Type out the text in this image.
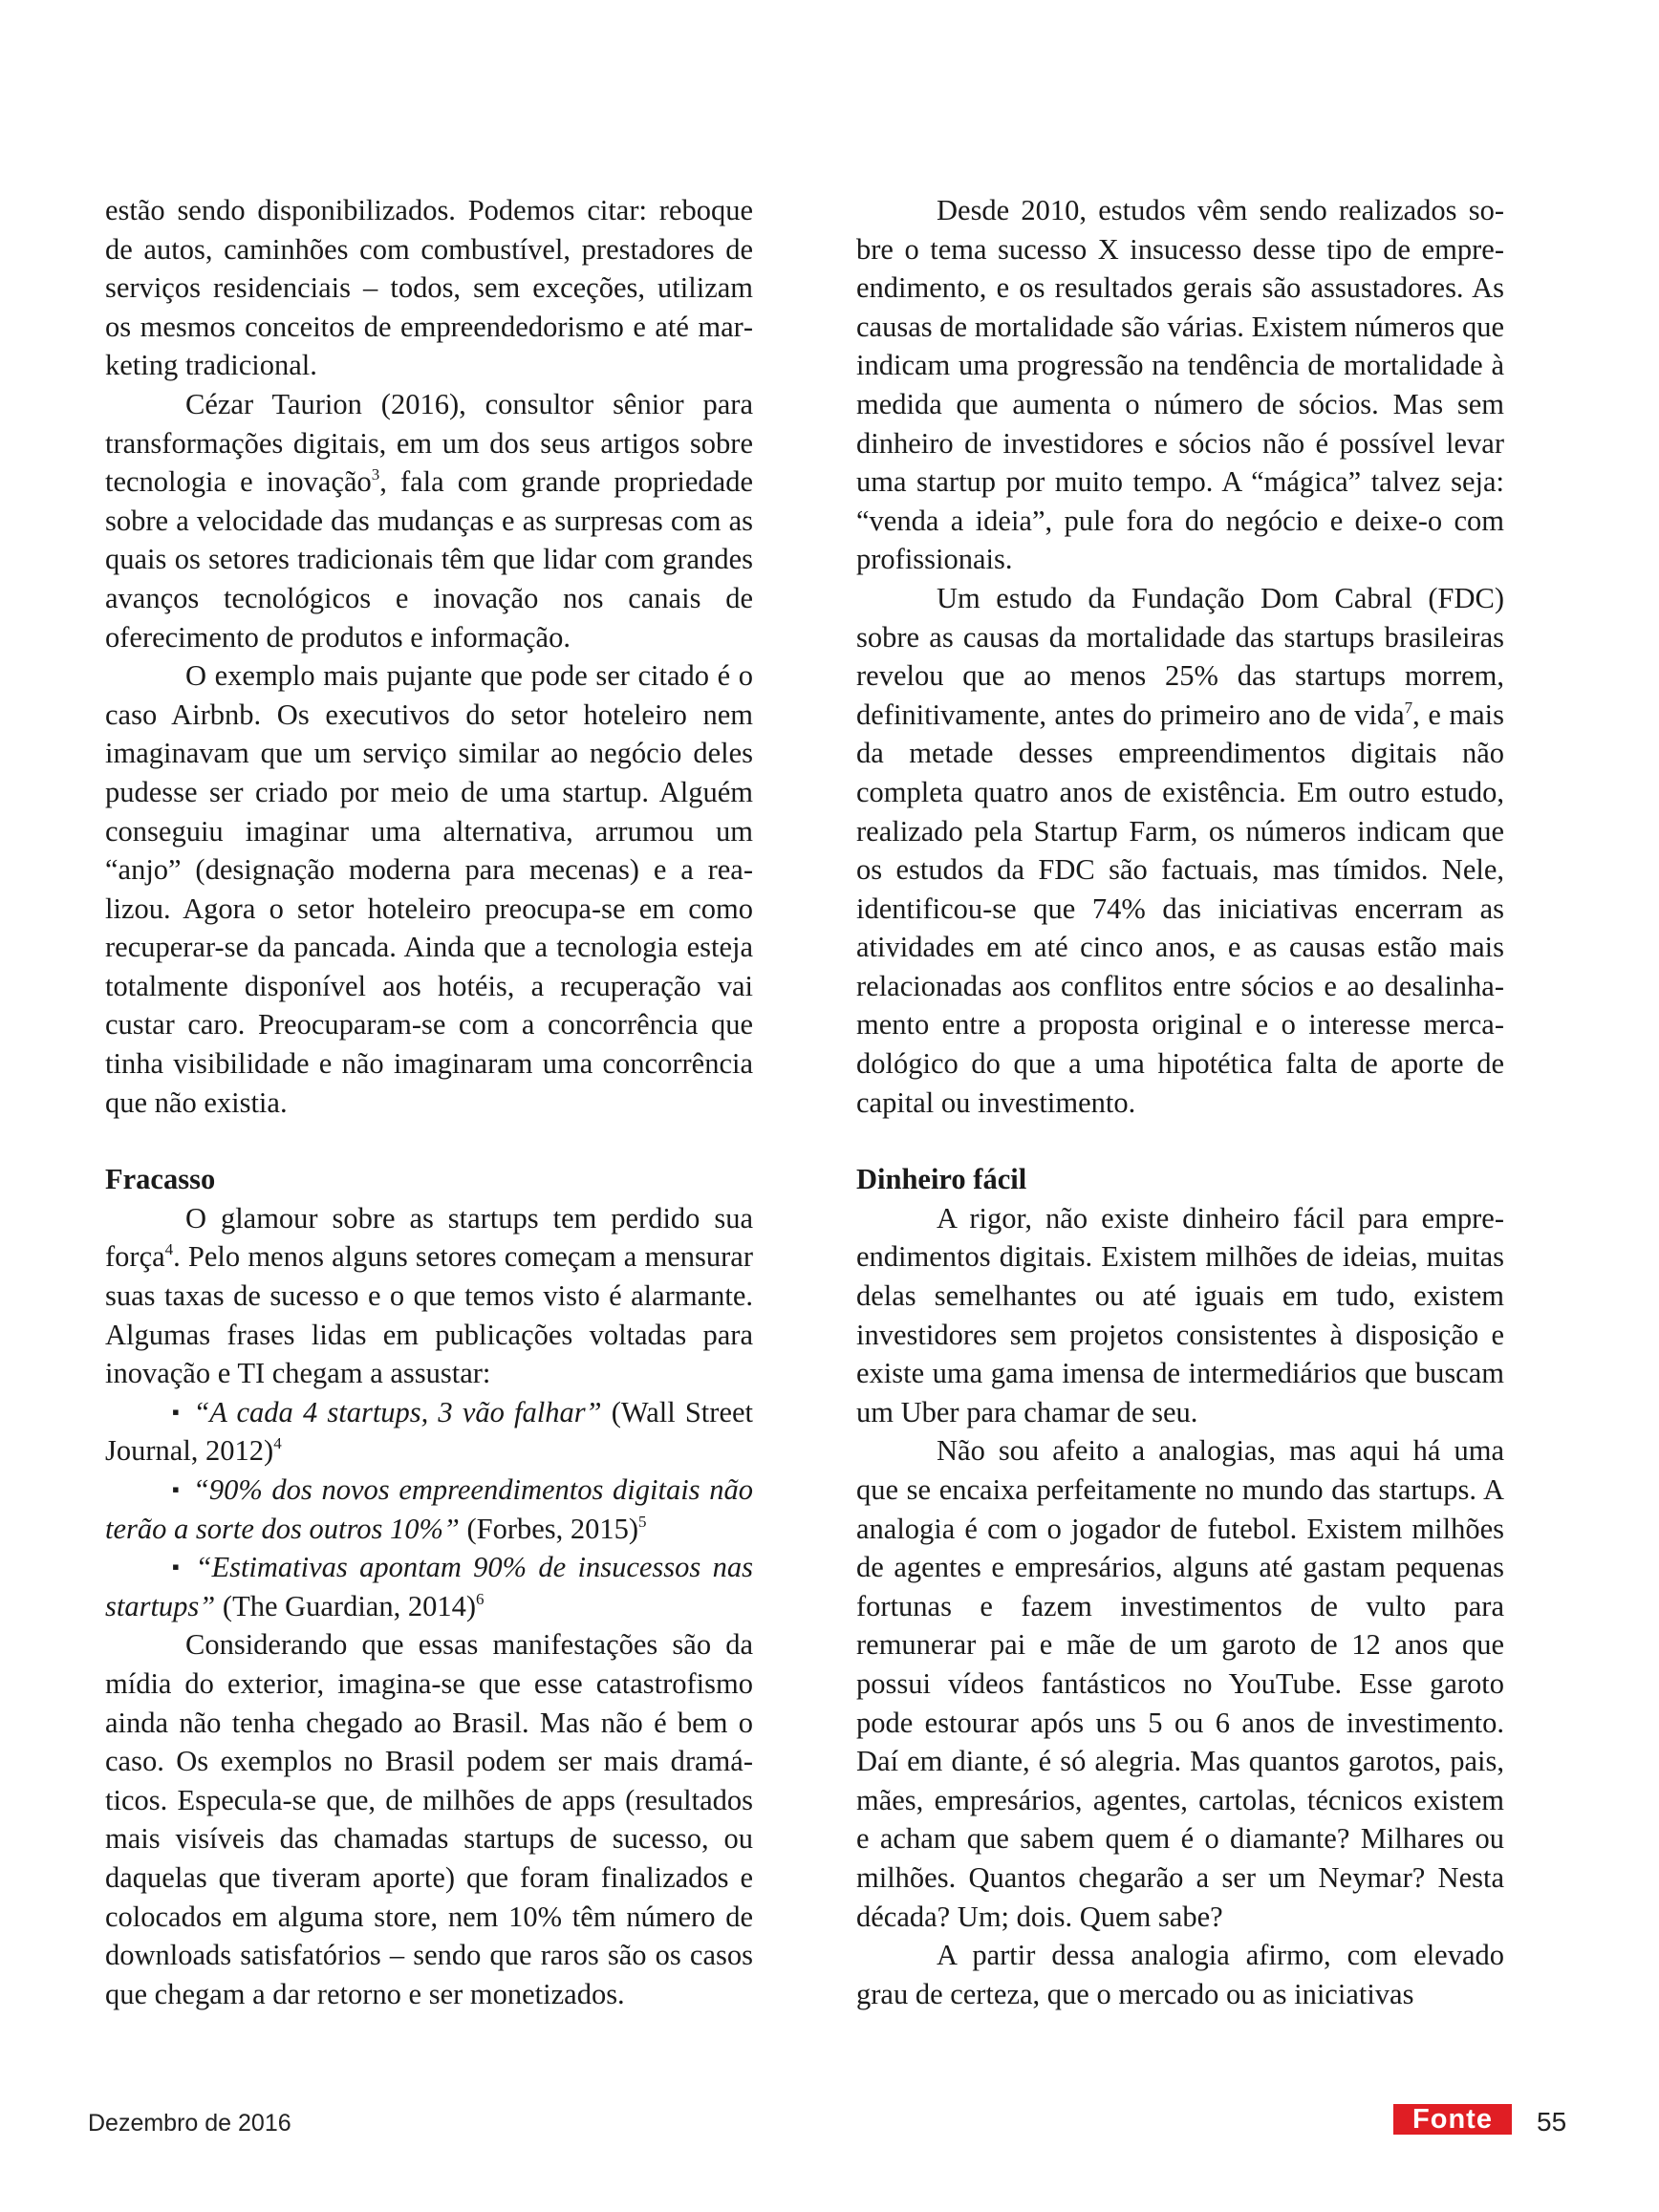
estão sendo disponibilizados. Podemos citar: reboque de autos, caminhões com combustível, prestadores de serviços residenciais – todos, sem exceções, utilizam os mesmos conceitos de empreendedorismo e até marketing tradicional.

Cézar Taurion (2016), consultor sênior para transformações digitais, em um dos seus artigos sobre tecnologia e inovação$^3$, fala com grande propriedade sobre a velocidade das mudanças e as surpresas com as quais os setores tradicionais têm que lidar com grandes avanços tecnológicos e inovação nos canais de oferecimento de produtos e informação.

O exemplo mais pujante que pode ser citado é o caso Airbnb. Os executivos do setor hoteleiro nem imaginavam que um serviço similar ao negócio deles pudesse ser criado por meio de uma startup. Alguém conseguiu imaginar uma alternativa, arrumou um “anjo” (designação moderna para mecenas) e a realizou. Agora o setor hoteleiro preocupa-se em como recuperar-se da pancada. Ainda que a tecnologia esteja totalmente disponível aos hotéis, a recuperação vai custar caro. Preocuparam-se com a concorrência que tinha visibilidade e não imaginaram uma concorrência que não existia.

Fracasso

O glamour sobre as startups tem perdido sua força$^4$. Pelo menos alguns setores começam a mensurar suas taxas de sucesso e o que temos visto é alarmante. Algumas frases lidas em publicações voltadas para inovação e TI chegam a assustar:

▪ “A cada 4 startups, 3 vão falhar” (Wall Street Journal, 2012)$^4$

▪ “90% dos novos empreendimentos digitais não terão a sorte dos outros 10%” (Forbes, 2015)$^5$

▪ “Estimativas apontam 90% de insucessos nas startups” (The Guardian, 2014)$^6$

Considerando que essas manifestações são da mídia do exterior, imagina-se que esse catastrofismo ainda não tenha chegado ao Brasil. Mas não é bem o caso. Os exemplos no Brasil podem ser mais dramáticos. Especula-se que, de milhões de apps (resultados mais visíveis das chamadas startups de sucesso, ou daquelas que tiveram aporte) que foram finalizados e colocados em alguma store, nem 10% têm número de downloads satisfatórios – sendo que raros são os casos que chegam a dar retorno e ser monetizados.

Desde 2010, estudos vêm sendo realizados sobre o tema sucesso X insucesso desse tipo de empreendimento, e os resultados gerais são assustadores. As causas de mortalidade são várias. Existem números que indicam uma progressão na tendência de mortalidade à medida que aumenta o número de sócios. Mas sem dinheiro de investidores e sócios não é possível levar uma startup por muito tempo. A “mágica” talvez seja: “venda a ideia”, pule fora do negócio e deixe-o com profissionais.

Um estudo da Fundação Dom Cabral (FDC) sobre as causas da mortalidade das startups brasileiras revelou que ao menos 25% das startups morrem, definitivamente, antes do primeiro ano de vida$^7$, e mais da metade desses empreendimentos digitais não completa quatro anos de existência. Em outro estudo, realizado pela Startup Farm, os números indicam que os estudos da FDC são factuais, mas tímidos. Nele, identificou-se que 74% das iniciativas encerram as atividades em até cinco anos, e as causas estão mais relacionadas aos conflitos entre sócios e ao desalinhamento entre a proposta original e o interesse mercadológico do que a uma hipotética falta de aporte de capital ou investimento.

Dinheiro fácil

A rigor, não existe dinheiro fácil para empreendimentos digitais. Existem milhões de ideias, muitas delas semelhantes ou até iguais em tudo, existem investidores sem projetos consistentes à disposição e existe uma gama imensa de intermediários que buscam um Uber para chamar de seu.

Não sou afeito a analogias, mas aqui há uma que se encaixa perfeitamente no mundo das startups. A analogia é com o jogador de futebol. Existem milhões de agentes e empresários, alguns até gastam pequenas fortunas e fazem investimentos de vulto para remunerar pai e mãe de um garoto de 12 anos que possui vídeos fantásticos no YouTube. Esse garoto pode estourar após uns 5 ou 6 anos de investimento. Daí em diante, é só alegria. Mas quantos garotos, pais, mães, empresários, agentes, cartolas, técnicos existem e acham que sabem quem é o diamante? Milhares ou milhões. Quantos chegarão a ser um Neymar? Nesta década? Um; dois. Quem sabe?

A partir dessa analogia afirmo, com elevado grau de certeza, que o mercado ou as iniciativas

Dezembro de 2016	Fonte 55
